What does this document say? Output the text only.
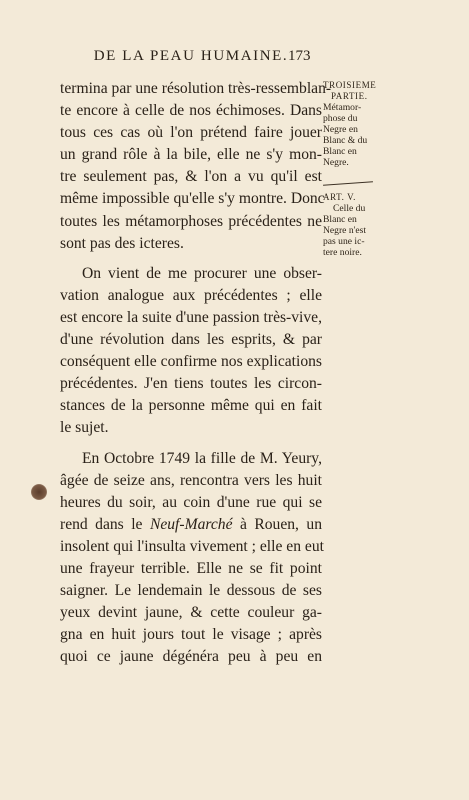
DE LA PEAU HUMAINE. 173
termina par une résolution très-ressemblan-
te encore à celle de nos échimoses. Dans
tous ces cas où l'on prétend faire jouer
un grand rôle à la bile, elle ne s'y mon-
tre seulement pas, & l'on a vu qu'il est
même impossible qu'elle s'y montre. Donc
toutes les métamorphoses précédentes ne
sont pas des icteres.
On vient de me procurer une obser-
vation analogue aux précédentes ; elle
est encore la suite d'une passion très-vive,
d'une révolution dans les esprits, & par
conséquent elle confirme nos explications
précédentes. J'en tiens toutes les circon-
stances de la personne même qui en fait
le sujet.
En Octobre 1749 la fille de M. Yeury,
âgée de seize ans, rencontra vers les huit
heures du soir, au coin d'une rue qui se
rend dans le Neuf-Marché à Rouen, un
insolent qui l'insulta vivement ; elle en eut
une frayeur terrible. Elle ne se fit point
saigner. Le lendemain le dessous de ses
yeux devint jaune, & cette couleur ga-
gna en huit jours tout le visage ; après
quoi ce jaune dégénéra peu à peu en
TROISIEME
PARTIE.
Métamor-
phose du
Negre en
Blanc & du
Blanc en
Negre.
ART. V.
Celle du
Blanc en
Negre n'est
pas une ic-
tere noire.
